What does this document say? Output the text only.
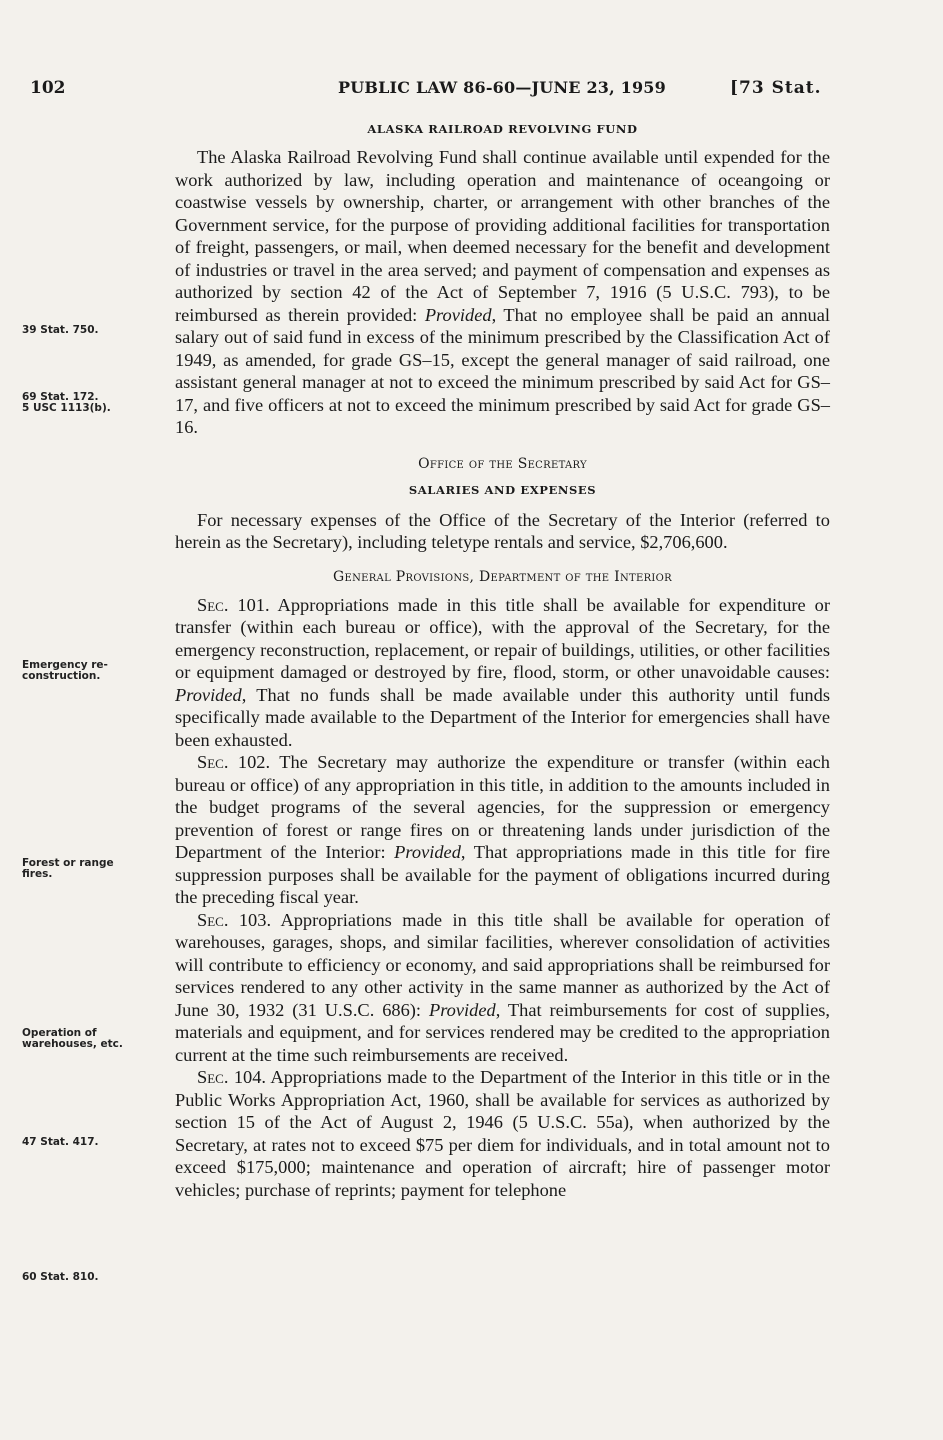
102	PUBLIC LAW 86-60—JUNE 23, 1959	[73 Stat.
39 Stat. 750.
69 Stat. 172.
5 USC 1113(b).
Emergency re-
construction.
Forest or range
fires.
Operation of
warehouses, etc.
47 Stat. 417.
60 Stat. 810.
ALASKA RAILROAD REVOLVING FUND

The Alaska Railroad Revolving Fund shall continue available until expended for the work authorized by law, including operation and maintenance of oceangoing or coastwise vessels by ownership, charter, or arrangement with other branches of the Government service, for the purpose of providing additional facilities for transportation of freight, passengers, or mail, when deemed necessary for the benefit and development of industries or travel in the area served; and payment of compensation and expenses as authorized by section 42 of the Act of September 7, 1916 (5 U.S.C. 793), to be reimbursed as therein provided: Provided, That no employee shall be paid an annual salary out of said fund in excess of the minimum prescribed by the Classification Act of 1949, as amended, for grade GS–15, except the general manager of said railroad, one assistant general manager at not to exceed the minimum prescribed by said Act for GS–17, and five officers at not to exceed the minimum prescribed by said Act for grade GS–16.

Office of the Secretary
SALARIES AND EXPENSES

For necessary expenses of the Office of the Secretary of the Interior (referred to herein as the Secretary), including teletype rentals and service, $2,706,600.

General Provisions, Department of the Interior

Sec. 101. Appropriations made in this title shall be available for expenditure or transfer (within each bureau or office), with the approval of the Secretary, for the emergency reconstruction, replacement, or repair of buildings, utilities, or other facilities or equipment damaged or destroyed by fire, flood, storm, or other unavoidable causes: Provided, That no funds shall be made available under this authority until funds specifically made available to the Department of the Interior for emergencies shall have been exhausted.

Sec. 102. The Secretary may authorize the expenditure or transfer (within each bureau or office) of any appropriation in this title, in addition to the amounts included in the budget programs of the several agencies, for the suppression or emergency prevention of forest or range fires on or threatening lands under jurisdiction of the Department of the Interior: Provided, That appropriations made in this title for fire suppression purposes shall be available for the payment of obligations incurred during the preceding fiscal year.

Sec. 103. Appropriations made in this title shall be available for operation of warehouses, garages, shops, and similar facilities, wherever consolidation of activities will contribute to efficiency or economy, and said appropriations shall be reimbursed for services rendered to any other activity in the same manner as authorized by the Act of June 30, 1932 (31 U.S.C. 686): Provided, That reimbursements for cost of supplies, materials and equipment, and for services rendered may be credited to the appropriation current at the time such reimbursements are received.

Sec. 104. Appropriations made to the Department of the Interior in this title or in the Public Works Appropriation Act, 1960, shall be available for services as authorized by section 15 of the Act of August 2, 1946 (5 U.S.C. 55a), when authorized by the Secretary, at rates not to exceed $75 per diem for individuals, and in total amount not to exceed $175,000; maintenance and operation of aircraft; hire of passenger motor vehicles; purchase of reprints; payment for telephone
